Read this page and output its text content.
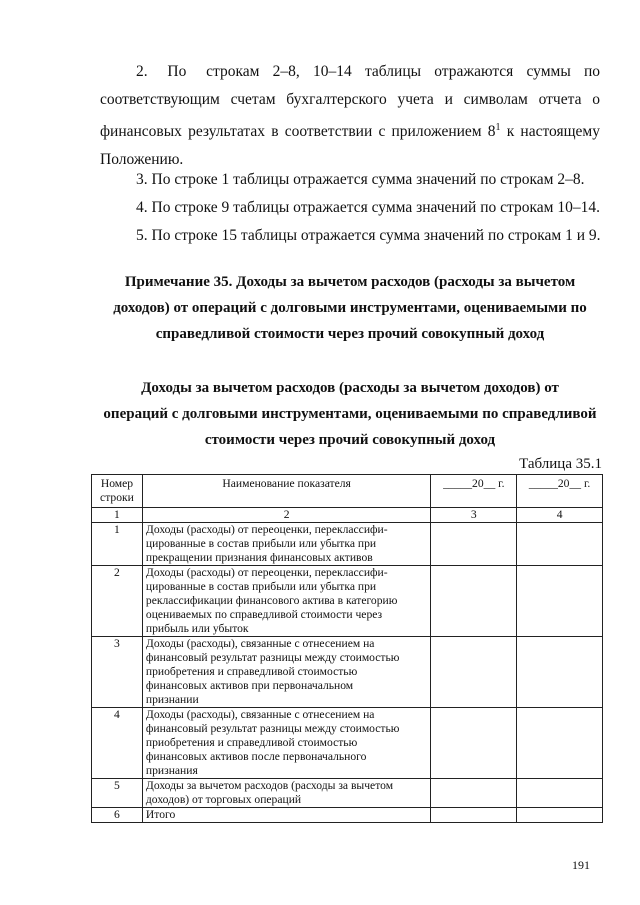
2.   По   строкам  2–8,  10–14  таблицы  отражаются  суммы  по
соответствующим  счетам  бухгалтерского  учета  и  символам  отчета  о
финансовых результатах в соответствии с приложением $8^1$ к настоящему
Положению.
3. По строке 1 таблицы отражается сумма значений по строкам 2–8.
4. По строке 9 таблицы отражается сумма значений по строкам 10–14.
5. По строке 15 таблицы отражается сумма значений по строкам 1 и 9.
Примечание 35. Доходы за вычетом расходов (расходы за вычетом
доходов) от операций с долговыми инструментами, оцениваемыми по
справедливой стоимости через прочий совокупный доход
Доходы за вычетом расходов (расходы за вычетом доходов) от
операций с долговыми инструментами, оцениваемыми по справедливой
стоимости через прочий совокупный доход
Таблица 35.1
Номер строки	Наименование показателя	_____20__ г.	_____20__ г.
1	2	3	4
1	Доходы (расходы) от переоценки, переклассифи-
цированные в состав прибыли или убытка при
прекращении признания финансовых активов		
2	Доходы (расходы) от переоценки, переклассифи-
цированные в состав прибыли или убытка при
реклассификации финансового актива в категорию
оцениваемых по справедливой стоимости через
прибыль или убыток		
3	Доходы (расходы), связанные с отнесением на
финансовый результат разницы между стоимостью
приобретения и справедливой стоимостью
финансовых активов при первоначальном
признании		
4	Доходы (расходы), связанные с отнесением на
финансовый результат разницы между стоимостью
приобретения и справедливой стоимостью
финансовых активов после первоначального
признания		
5	Доходы за вычетом расходов (расходы за вычетом
доходов) от торговых операций		
6	Итого		
191
